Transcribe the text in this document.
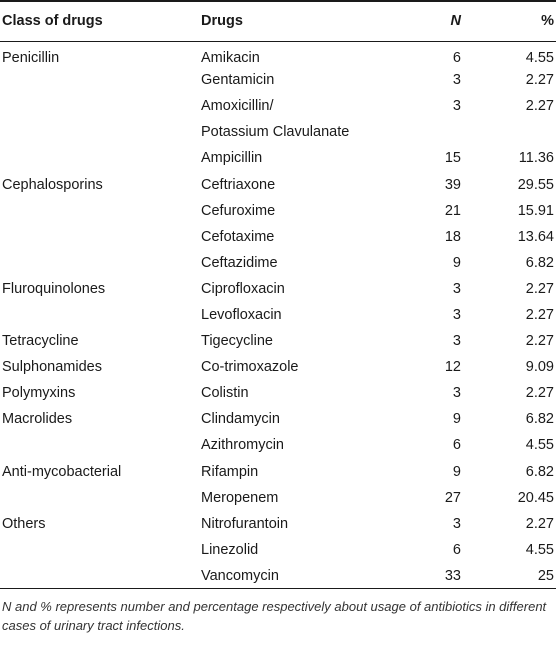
Class of drugs	Drugs	N	%
Penicillin	Amikacin	6	4.55
	Gentamicin	3	2.27
	Amoxicillin/	3	2.27
	Potassium Clavulanate		
	Ampicillin	15	11.36
Cephalosporins	Ceftriaxone	39	29.55
	Cefuroxime	21	15.91
	Cefotaxime	18	13.64
	Ceftazidime	9	6.82
Fluroquinolones	Ciprofloxacin	3	2.27
	Levofloxacin	3	2.27
Tetracycline	Tigecycline	3	2.27
Sulphonamides	Co-trimoxazole	12	9.09
Polymyxins	Colistin	3	2.27
Macrolides	Clindamycin	9	6.82
	Azithromycin	6	4.55
Anti-mycobacterial	Rifampin	9	6.82
	Meropenem	27	20.45
Others	Nitrofurantoin	3	2.27
	Linezolid	6	4.55
	Vancomycin	33	25
N and % represents number and percentage respectively about usage of antibiotics in different cases of urinary tract infections.
